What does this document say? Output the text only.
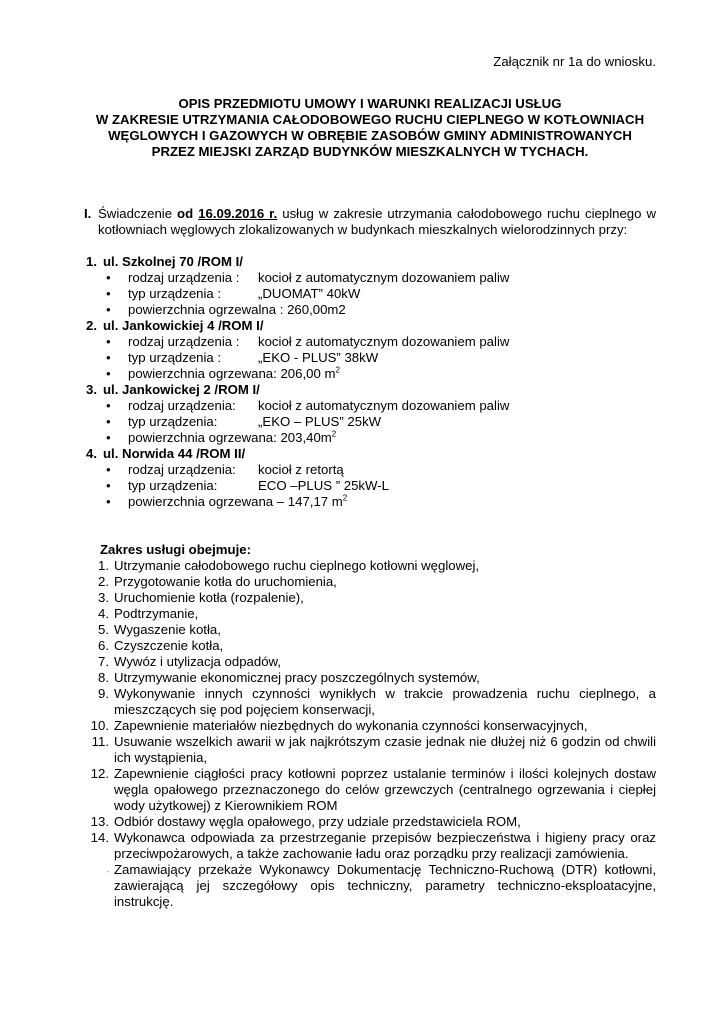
Załącznik nr 1a do wniosku.
OPIS PRZEDMIOTU UMOWY I WARUNKI REALIZACJI USŁUG
W ZAKRESIE UTRZYMANIA CAŁODOBOWEGO RUCHU CIEPLNEGO W KOTŁOWNIACH
WĘGLOWYCH I GAZOWYCH W OBRĘBIE ZASOBÓW GMINY ADMINISTROWANYCH
PRZEZ MIEJSKI ZARZĄD BUDYNKÓW MIESZKALNYCH W TYCHACH.
I. Świadczenie od 16.09.2016 r. usług w zakresie utrzymania całodobowego ruchu cieplnego w kotłowniach węglowych zlokalizowanych w budynkach mieszkalnych wielorodzinnych przy:
1. ul. Szkolnej 70 /ROM I/
• rodzaj urządzenia : kocioł z automatycznym dozowaniem paliw
• typ urządzenia :	„DUOMAT” 40kW
• powierzchnia ogrzewalna : 260,00m2
2. ul. Jankowickiej 4 /ROM I/
• rodzaj urządzenia : kocioł z automatycznym dozowaniem paliw
• typ urządzenia :	„EKO - PLUS” 38kW
• powierzchnia ogrzewana: 206,00 $m^2$
3. ul. Jankowickej 2 /ROM I/
• rodzaj urządzenia: kocioł z automatycznym dozowaniem paliw
• typ urządzenia:	„EKO – PLUS” 25kW
• powierzchnia ogrzewana: $203,40m^2$
4. ul. Norwida 44 /ROM II/
• rodzaj urządzenia: kocioł z retortą
• typ urządzenia:	ECO –PLUS ” 25kW-L
• powierzchnia ogrzewana – 147,17 $m^2$
Zakres usługi obejmuje:
1. Utrzymanie całodobowego ruchu cieplnego kotłowni węglowej,
2. Przygotowanie kotła do uruchomienia,
3. Uruchomienie kotła (rozpalenie),
4. Podtrzymanie,
5. Wygaszenie kotła,
6. Czyszczenie kotła,
7. Wywóz i utylizacja odpadów,
8. Utrzymywanie ekonomicznej pracy poszczególnych systemów,
9. Wykonywanie innych czynności wynikłych w trakcie prowadzenia ruchu cieplnego, a mieszczących się pod pojęciem konserwacji,
10. Zapewnienie materiałów niezbędnych do wykonania czynności konserwacyjnych,
11. Usuwanie wszelkich awarii w jak najkrótszym czasie jednak nie dłużej niż 6 godzin od chwili ich wystąpienia,
12. Zapewnienie ciągłości pracy kotłowni poprzez ustalanie terminów i ilości kolejnych dostaw węgla opałowego przeznaczonego do celów grzewczych (centralnego ogrzewania i ciepłej wody użytkowej) z Kierownikiem ROM
13. Odbiór dostawy węgla opałowego, przy udziale przedstawiciela ROM,
14. Wykonawca odpowiada za przestrzeganie przepisów bezpieczeństwa i higieny pracy oraz przeciwpożarowych, a także zachowanie ładu oraz porządku przy realizacji zamówienia.
- Zamawiający przekaże Wykonawcy Dokumentację Techniczno-Ruchową (DTR) kotłowni, zawierającą jej szczegółowy opis techniczny, parametry techniczno-eksploatacyjne, instrukcję.
